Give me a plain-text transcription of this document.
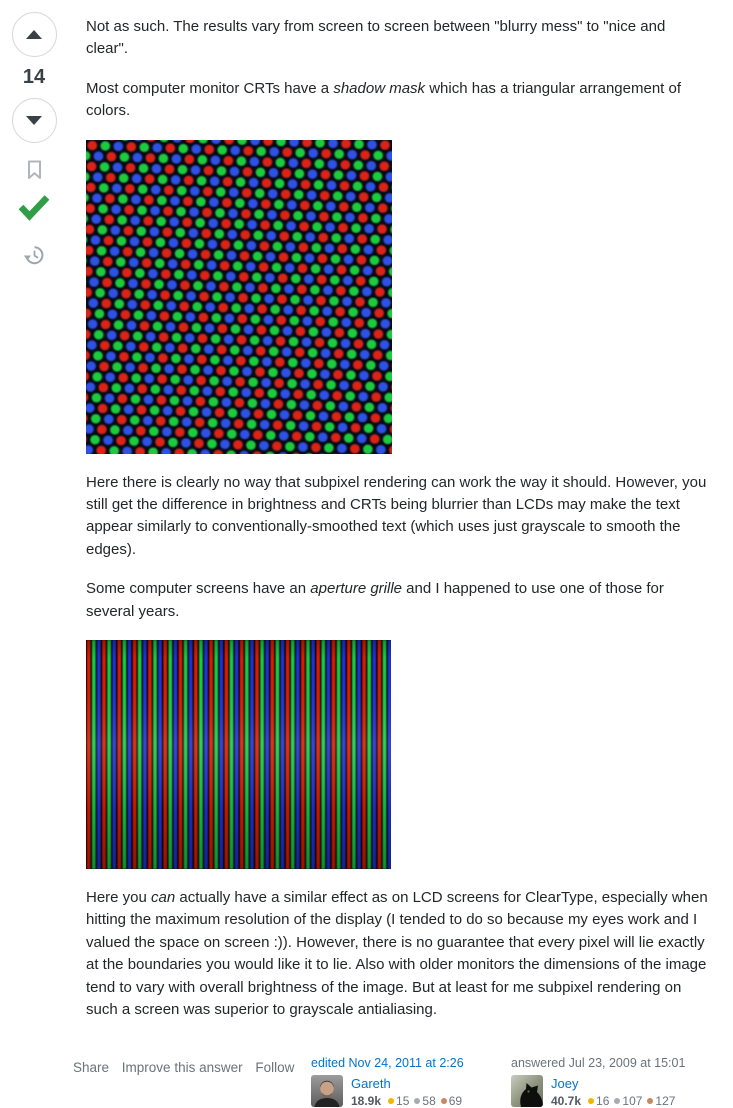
14

Not as such. The results vary from screen to screen between "blurry mess" to "nice and clear".

Most computer monitor CRTs have a shadow mask which has a triangular arrangement of colors.

Here there is clearly no way that subpixel rendering can work the way it should. However, you still get the difference in brightness and CRTs being blurrier than LCDs may make the text appear similarly to conventionally-smoothed text (which uses just grayscale to smooth the edges).

Some computer screens have an aperture grille and I happened to use one of those for several years.

Here you can actually have a similar effect as on LCD screens for ClearType, especially when hitting the maximum resolution of the display (I tended to do so because my eyes work and I valued the space on screen :)). However, there is no guarantee that every pixel will lie exactly at the boundaries you would like it to lie. Also with older monitors the dimensions of the image tend to vary with overall brightness of the image. But at least for me subpixel rendering on such a screen was superior to grayscale antialiasing.

Share Improve this answer Follow	edited Nov 24, 2011 at 2:26
Gareth
18.9k 15 58 69
answered Jul 23, 2009 at 15:01
Joey
40.7k 16 107 127
